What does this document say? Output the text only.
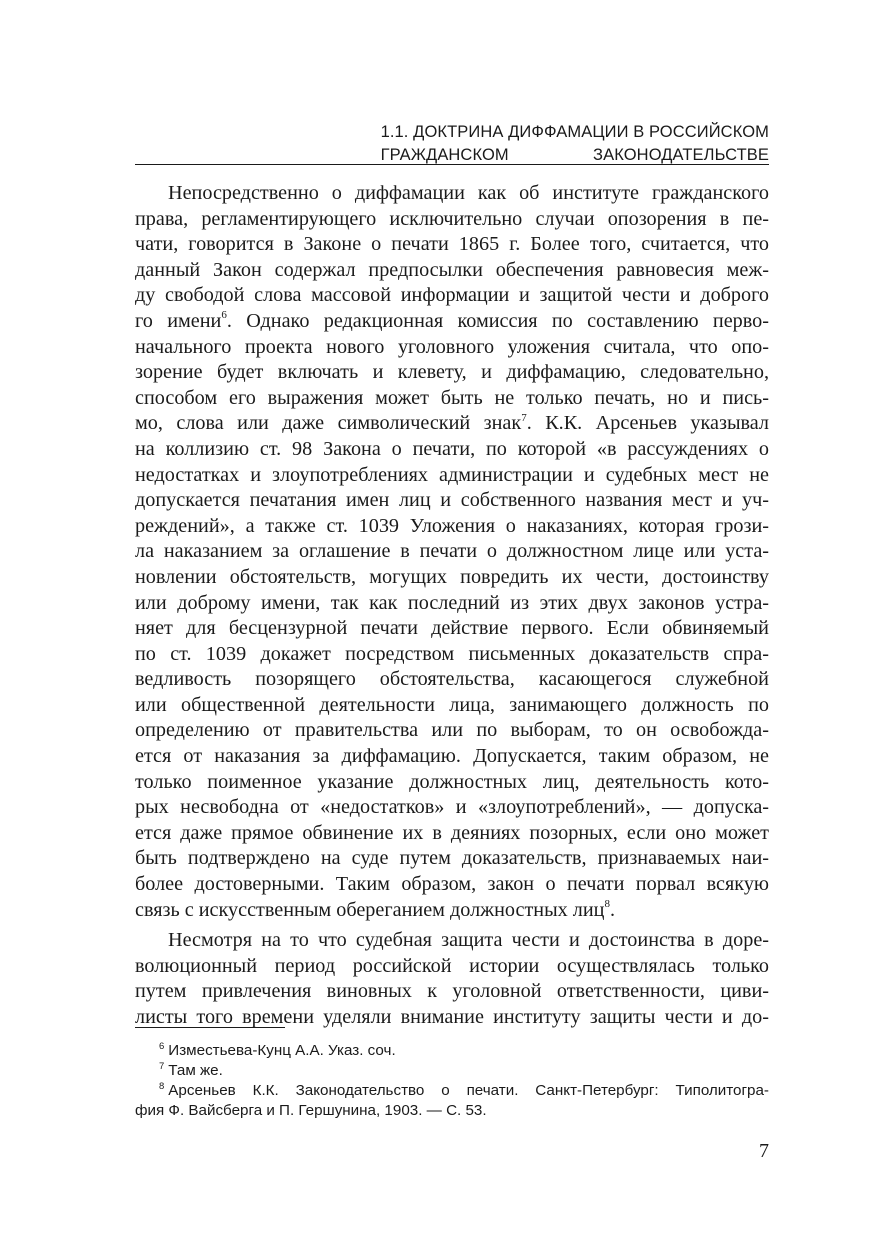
1.1. ДОКТРИНА ДИФФАМАЦИИ В РОССИЙСКОМ
ГРАЖДАНСКОМ ЗАКОНОДАТЕЛЬСТВЕ
Непосредственно о диффамации как об институте гражданского
права, регламентирующего исключительно случаи опозорения в пе-
чати, говорится в Законе о печати 1865 г. Более того, считается, что
данный Закон содержал предпосылки обеспечения равновесия меж-
ду свободой слова массовой информации и защитой чести и доброго
го имени$^6$. Однако редакционная комиссия по составлению перво-
начального проекта нового уголовного уложения считала, что опо-
зорение будет включать и клевету, и диффамацию, следовательно,
способом его выражения может быть не только печать, но и пись-
мо, слова или даже символический знак$^7$. К.К. Арсеньев указывал
на коллизию ст. 98 Закона о печати, по которой «в рассуждениях о
недостатках и злоупотреблениях администрации и судебных мест не
допускается печатания имен лиц и собственного названия мест и уч-
реждений», а также ст. 1039 Уложения о наказаниях, которая грози-
ла наказанием за оглашение в печати о должностном лице или уста-
новлении обстоятельств, могущих повредить их чести, достоинству
или доброму имени, так как последний из этих двух законов устра-
няет для бесцензурной печати действие первого. Если обвиняемый
по ст. 1039 докажет посредством письменных доказательств спра-
ведливость позорящего обстоятельства, касающегося служебной
или общественной деятельности лица, занимающего должность по
определению от правительства или по выборам, то он освобожда-
ется от наказания за диффамацию. Допускается, таким образом, не
только поименное указание должностных лиц, деятельность кото-
рых несвободна от «недостатков» и «злоупотреблений», — допуска-
ется даже прямое обвинение их в деяниях позорных, если оно может
быть подтверждено на суде путем доказательств, признаваемых наи-
более достоверными. Таким образом, закон о печати порвал всякую
связь с искусственным обереганием должностных лиц$^8$.
Несмотря на то что судебная защита чести и достоинства в доре-
волюционный период российской истории осуществлялась только
путем привлечения виновных к уголовной ответственности, циви-
листы того времени уделяли внимание институту защиты чести и до-
$^6$ Изместьева-Кунц А.А. Указ. соч.
$^7$ Там же.
$^8$ Арсеньев К.К. Законодательство о печати. Санкт-Петербург: Типолитогра-
фия Ф. Вайсберга и П. Гершунина, 1903. — С. 53.
7
